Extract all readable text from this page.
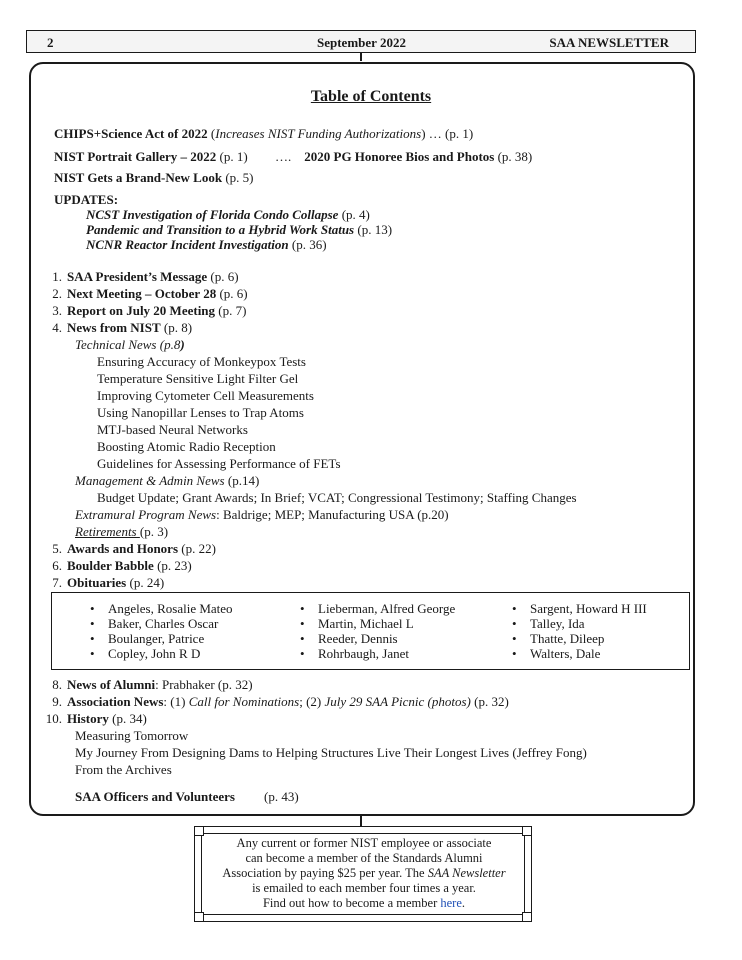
2	September 2022	SAA NEWSLETTER
Table of Contents
CHIPS+Science Act of 2022 (Increases NIST Funding Authorizations) … (p. 1)
NIST Portrait Gallery – 2022 (p. 1) …. 2020 PG Honoree Bios and Photos (p. 38)
NIST Gets a Brand-New Look (p. 5)
UPDATES:
NCST Investigation of Florida Condo Collapse (p. 4)
Pandemic and Transition to a Hybrid Work Status (p. 13)
NCNR Reactor Incident Investigation (p. 36)
1. SAA President’s Message (p. 6)
2. Next Meeting – October 28 (p. 6)
3. Report on July 20 Meeting (p. 7)
4. News from NIST (p. 8)
Technical News (p.8)
Ensuring Accuracy of Monkeypox Tests
Temperature Sensitive Light Filter Gel
Improving Cytometer Cell Measurements
Using Nanopillar Lenses to Trap Atoms
MTJ-based Neural Networks
Boosting Atomic Radio Reception
Guidelines for Assessing Performance of FETs
Management & Admin News (p.14)
Budget Update; Grant Awards; In Brief; VCAT; Congressional Testimony; Staffing Changes
Extramural Program News: Baldrige; MEP; Manufacturing USA (p.20)
Retirements (p. 3)
5. Awards and Honors (p. 22)
6. Boulder Babble (p. 23)
7. Obituaries (p. 24)
• Angeles, Rosalie Mateo
• Baker, Charles Oscar
• Boulanger, Patrice
• Copley, John R D
• Lieberman, Alfred George
• Martin, Michael L
• Reeder, Dennis
• Rohrbaugh, Janet
• Sargent, Howard H III
• Talley, Ida
• Thatte, Dileep
• Walters, Dale
8. News of Alumni: Prabhaker (p. 32)
9. Association News: (1) Call for Nominations; (2) July 29 SAA Picnic (photos) (p. 32)
10. History (p. 34)
Measuring Tomorrow
My Journey From Designing Dams to Helping Structures Live Their Longest Lives (Jeffrey Fong)
From the Archives
SAA Officers and Volunteers (p. 43)
Any current or former NIST employee or associate
can become a member of the Standards Alumni
Association by paying $25 per year. The SAA Newsletter
is emailed to each member four times a year.
Find out how to become a member here.
